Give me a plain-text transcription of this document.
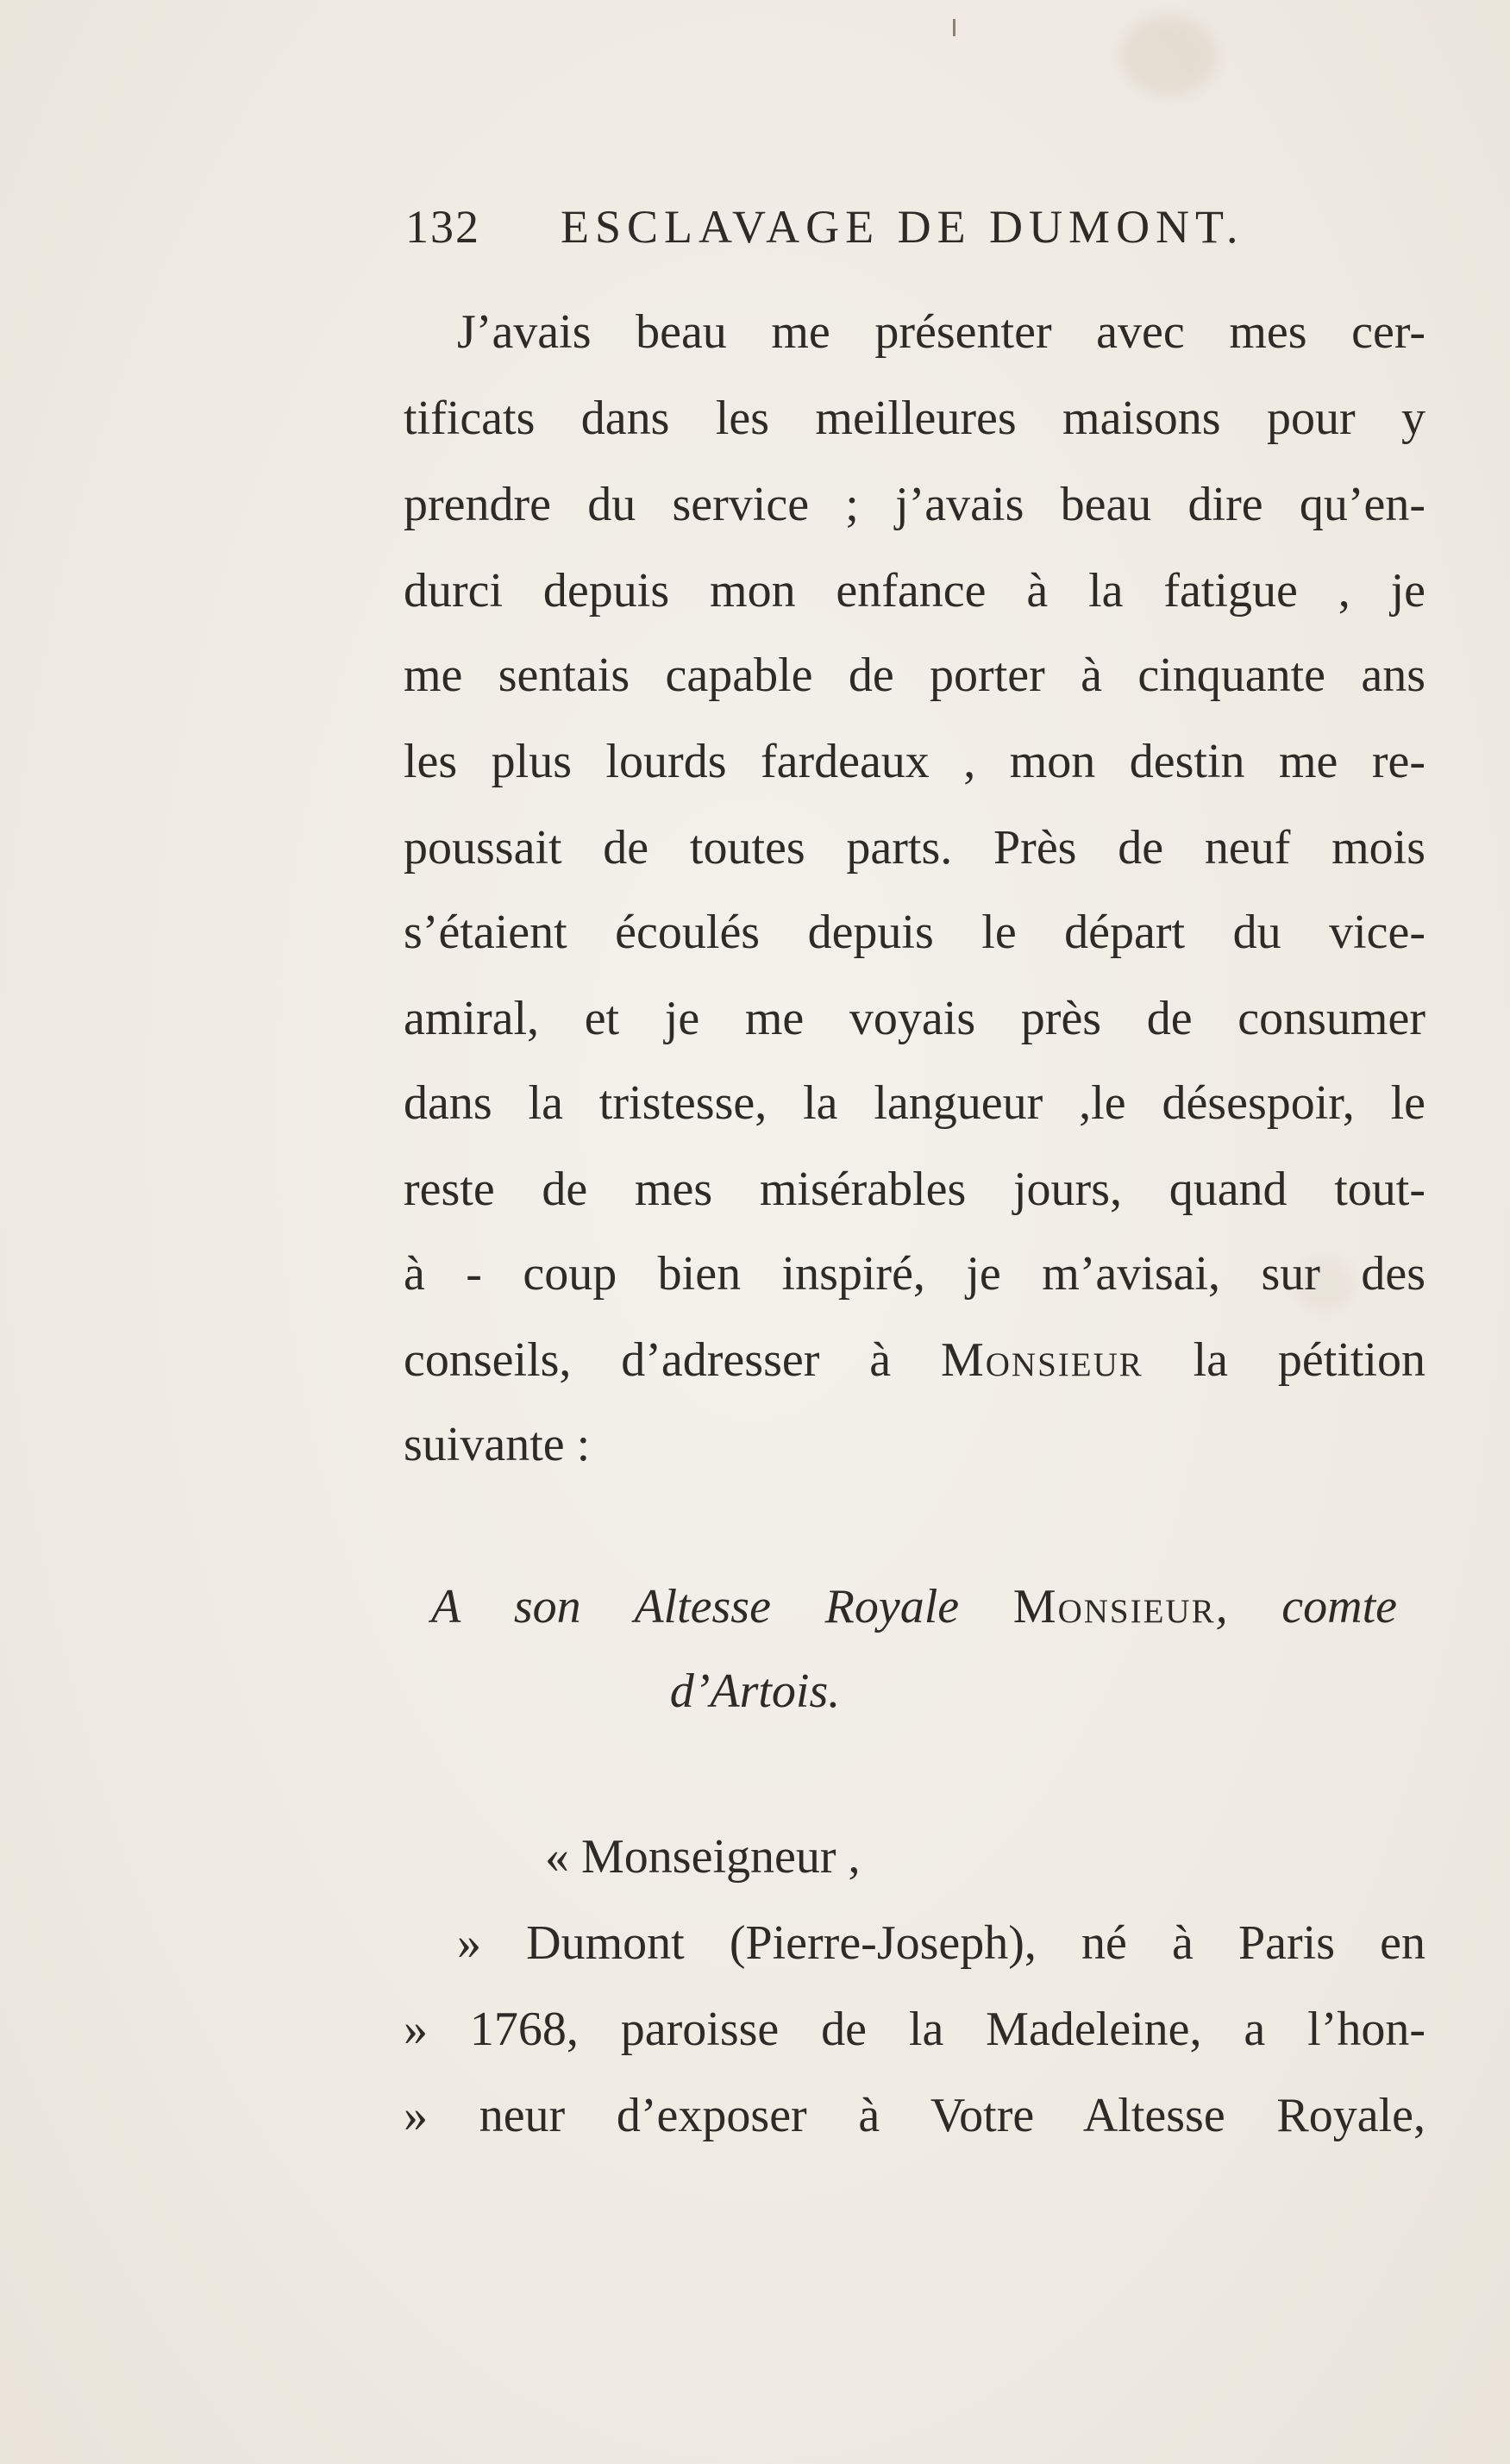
132 ESCLAVAGE DE DUMONT.
J’avais beau me présenter avec mes cer-
tificats dans les meilleures maisons pour y
prendre du service ; j’avais beau dire qu’en-
durci depuis mon enfance à la fatigue , je
me sentais capable de porter à cinquante ans
les plus lourds fardeaux , mon destin me re-
poussait de toutes parts. Près de neuf mois
s’étaient écoulés depuis le départ du vice-
amiral, et je me voyais près de consumer
dans la tristesse, la langueur ,le désespoir, le
reste de mes misérables jours, quand tout-
à - coup bien inspiré, je m’avisai, sur des
conseils, d’adresser à Monsieur la pétition
suivante :
A son Altesse Royale Monsieur, comte
d’Artois.
« Monseigneur ,
» Dumont (Pierre-Joseph), né à Paris en
» 1768, paroisse de la Madeleine, a l’hon-
» neur d’exposer à Votre Altesse Royale,
